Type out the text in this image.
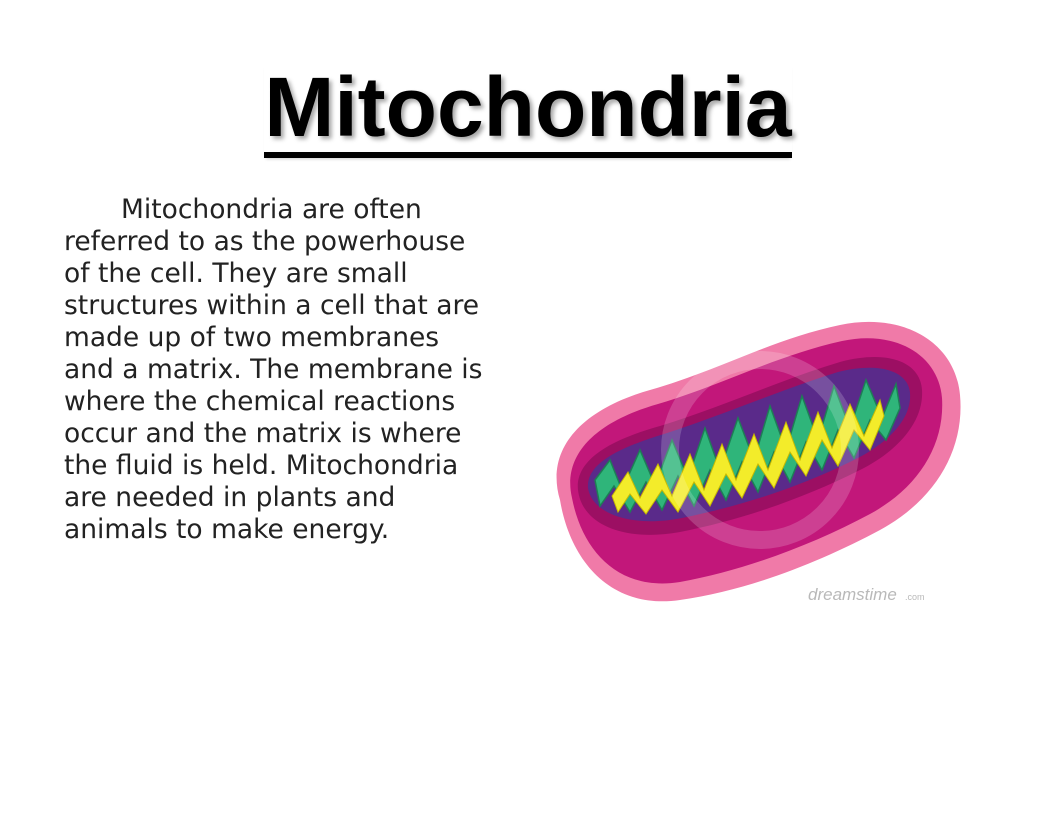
Mitochondria

Mitochondria are often referred to as the powerhouse of the cell. They are small structures within a cell that are made up of two membranes and a matrix. The membrane is where the chemical reactions occur and the matrix is where the fluid is held. Mitochondria are needed in plants and animals to make energy.

dreamstime .com
